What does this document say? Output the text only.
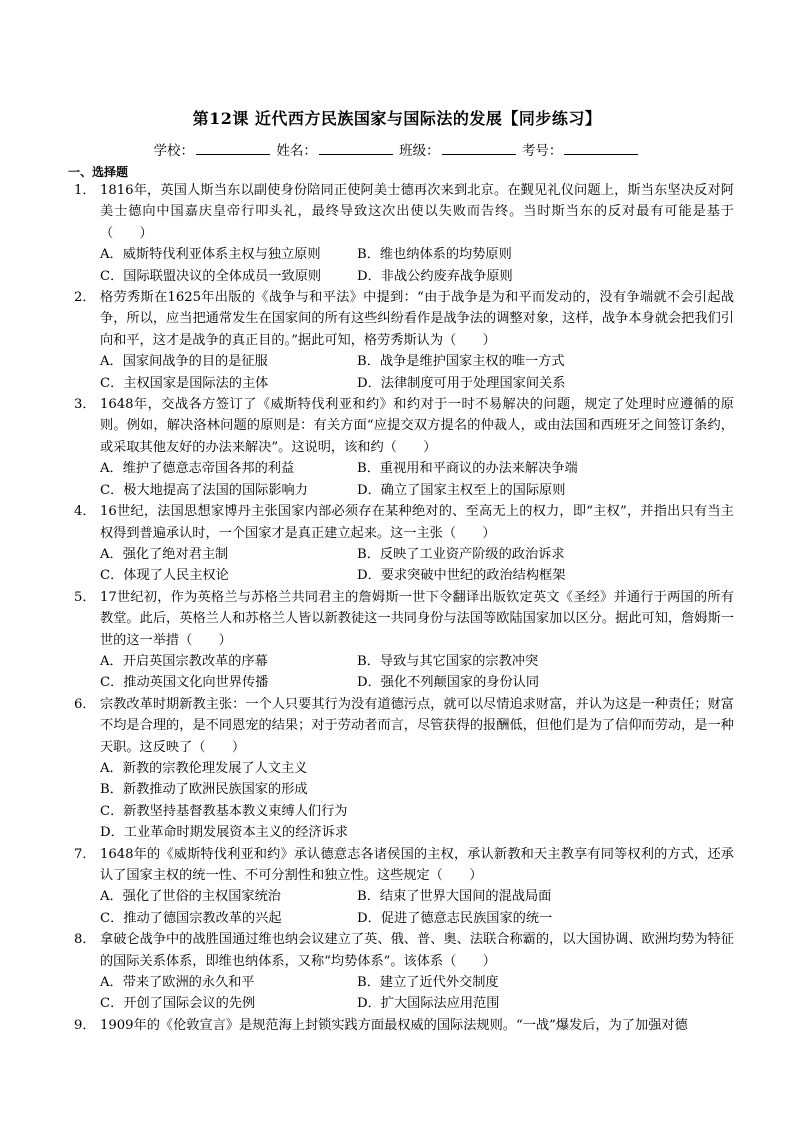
第12课 近代西方民族国家与国际法的发展【同步练习】
学校：	姓名：	班级：	考号：
一、选择题
1． 1816年，英国人斯当东以副使身份陪同正使阿美士德再次来到北京。在觐见礼仪问题上，斯当东坚决反对阿美士德向中国嘉庆皇帝行叩头礼，最终导致这次出使以失败而告终。当时斯当东的反对最有可能是基于（　　）
A．威斯特伐利亚体系主权与独立原则	B．维也纳体系的均势原则
C．国际联盟决议的全体成员一致原则	D．非战公约废弃战争原则
2． 格劳秀斯在1625年出版的《战争与和平法》中提到：“由于战争是为和平而发动的，没有争端就不会引起战争，所以，应当把通常发生在国家间的所有这些纠纷看作是战争法的调整对象，这样，战争本身就会把我们引向和平，这才是战争的真正目的。”据此可知，格劳秀斯认为（　　）
A．国家间战争的目的是征服	B．战争是维护国家主权的唯一方式
C．主权国家是国际法的主体	D．法律制度可用于处理国家间关系
3． 1648年，交战各方签订了《威斯特伐利亚和约》和约对于一时不易解决的问题，规定了处理时应遵循的原则。例如，解决洛林问题的原则是：有关方面“应提交双方提名的仲裁人，或由法国和西班牙之间签订条约，或采取其他友好的办法来解决”。这说明，该和约（　　）
A．维护了德意志帝国各邦的利益	B．重视用和平商议的办法来解决争端
C．极大地提高了法国的国际影响力	D．确立了国家主权至上的国际原则
4． 16世纪，法国思想家博丹主张国家内部必须存在某种绝对的、至高无上的权力，即“主权”，并指出只有当主权得到普遍承认时，一个国家才是真正建立起来。这一主张（　　）
A．强化了绝对君主制	B．反映了工业资产阶级的政治诉求
C．体现了人民主权论	D．要求突破中世纪的政治结构框架
5． 17世纪初，作为英格兰与苏格兰共同君主的詹姆斯一世下令翻译出版钦定英文《圣经》并通行于两国的所有教堂。此后，英格兰人和苏格兰人皆以新教徒这一共同身份与法国等欧陆国家加以区分。据此可知，詹姆斯一世的这一举措（　　）
A．开启英国宗教改革的序幕	B．导致与其它国家的宗教冲突
C．推动英国文化向世界传播	D．强化不列颠国家的身份认同
6． 宗教改革时期新教主张：一个人只要其行为没有道德污点，就可以尽情追求财富，并认为这是一种责任；财富不均是合理的，是不同恩宠的结果；对于劳动者而言，尽管获得的报酬低，但他们是为了信仰而劳动，是一种天职。这反映了（　　）
A．新教的宗教伦理发展了人文主义
B．新教推动了欧洲民族国家的形成
C．新教坚持基督教基本教义束缚人们行为
D．工业革命时期发展资本主义的经济诉求
7． 1648年的《威斯特伐利亚和约》承认德意志各诸侯国的主权，承认新教和天主教享有同等权利的方式，还承认了国家主权的统一性、不可分割性和独立性。这些规定（　　）
A．强化了世俗的主权国家统治	B．结束了世界大国间的混战局面
C．推动了德国宗教改革的兴起	D．促进了德意志民族国家的统一
8． 拿破仑战争中的战胜国通过维也纳会议建立了英、俄、普、奥、法联合称霸的，以大国协调、欧洲均势为特征的国际关系体系，即维也纳体系，又称“均势体系”。该体系（　　）
A．带来了欧洲的永久和平	B．建立了近代外交制度
C．开创了国际会议的先例	D．扩大国际法应用范围
9． 1909年的《伦敦宣言》是规范海上封锁实践方面最权威的国际法规则。“一战”爆发后，为了加强对德
